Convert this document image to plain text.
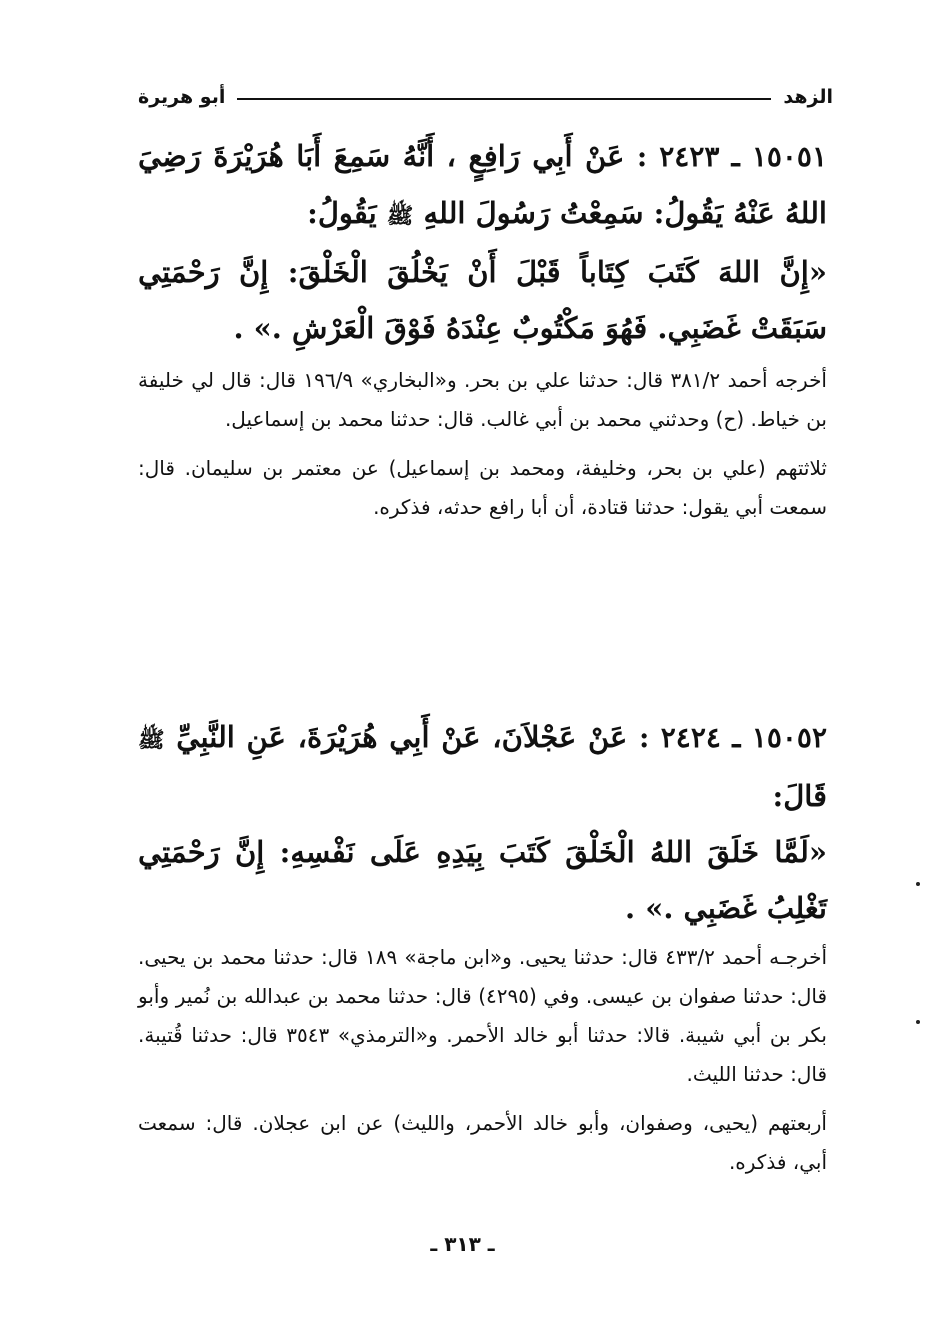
الزهد
أبو هريرة

١٥٠٥١ ـ ٢٤٢٣ : عَنْ أَبِي رَافِعٍ ، أَنَّهُ سَمِعَ أَبَا هُرَيْرَةَ رَضِيَ اللهُ عَنْهُ يَقُولُ: سَمِعْتُ رَسُولَ اللهِ ﷺ يَقُولُ:

«إِنَّ اللهَ كَتَبَ كِتَاباً قَبْلَ أَنْ يَخْلُقَ الْخَلْقَ: إِنَّ رَحْمَتِي سَبَقَتْ غَضَبِي. فَهُوَ مَكْتُوبٌ عِنْدَهُ فَوْقَ الْعَرْشِ .» .

أخرجه أحمد ٣٨١/٢ قال: حدثنا علي بن بحر. و«البخاري» ١٩٦/٩ قال: قال لي خليفة بن خياط. (ح) وحدثني محمد بن أبي غالب. قال: حدثنا محمد بن إسماعيل.

ثلاثتهم (علي بن بحر، وخليفة، ومحمد بن إسماعيل) عن معتمر بن سليمان. قال: سمعت أبي يقول: حدثنا قتادة، أن أبا رافع حدثه، فذكره.

١٥٠٥٢ ـ ٢٤٢٤ : عَنْ عَجْلاَنَ، عَنْ أَبِي هُرَيْرَةَ، عَنِ النَّبِيِّ ﷺ قَالَ:

«لَمَّا خَلَقَ اللهُ الْخَلْقَ كَتَبَ بِيَدِهِ عَلَى نَفْسِهِ: إِنَّ رَحْمَتِي تَغْلِبُ غَضَبِي .» .

أخرجـه أحمد ٤٣٣/٢ قال: حدثنا يحيى. و«ابن ماجة» ١٨٩ قال: حدثنا محمد بن يحيى. قال: حدثنا صفوان بن عيسى. وفي (٤٢٩٥) قال: حدثنا محمد بن عبدالله بن نُمير وأبو بكر بن أبي شيبة. قالا: حدثنا أبو خالد الأحمر. و«الترمذي» ٣٥٤٣ قال: حدثنا قُتيبة. قال: حدثنا الليث.

أربعتهم (يحيى، وصفوان، وأبو خالد الأحمر، والليث) عن ابن عجلان. قال: سمعت أبي، فذكره.

ـ ٣١٣ ـ
